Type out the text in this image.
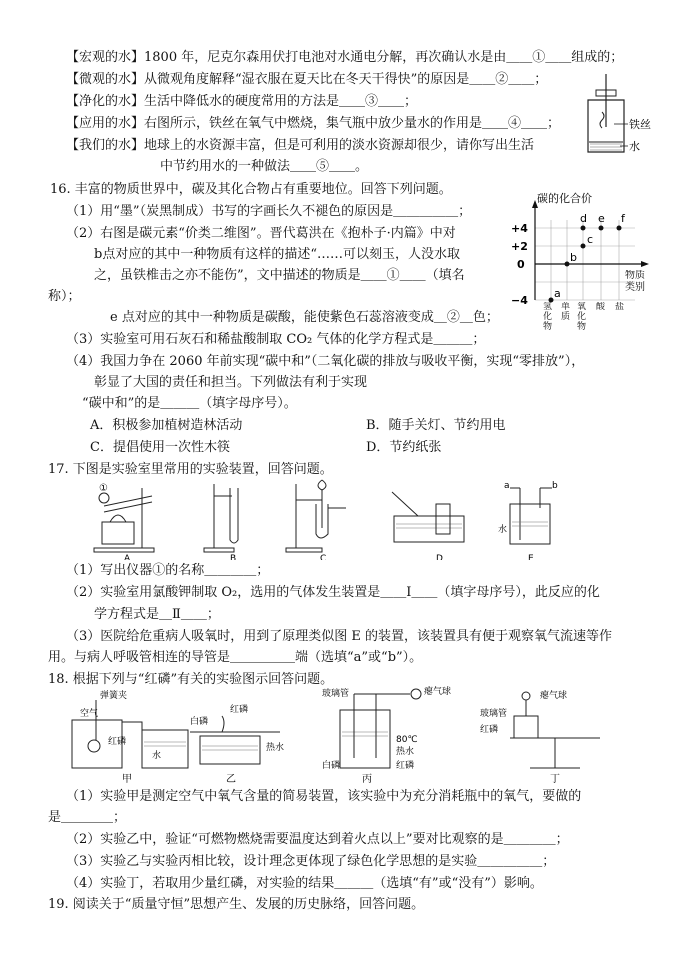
【宏观的水】1800 年，尼克尔森用伏打电池对水通电分解，再次确认水是由＿＿①＿＿组成的；
【微观的水】从微观角度解释“湿衣服在夏天比在冬天干得快”的原因是＿＿②＿＿；
【净化的水】生活中降低水的硬度常用的方法是＿＿③＿＿；
【应用的水】右图所示，铁丝在氧气中燃烧，集气瓶中放少量水的作用是＿＿④＿＿；
【我们的水】地球上的水资源丰富，但是可利用的淡水资源却很少，请你写出生活
中节约用水的一种做法＿＿⑤＿＿。
铁丝
水
16. 丰富的物质世界中，碳及其化合物占有重要地位。回答下列问题。
（1）用“墨”（炭黑制成）书写的字画长久不褪色的原因是＿＿＿＿＿；
（2）右图是碳元素“价类二维图”。晋代葛洪在《抱朴子·内篇》中对
b点对应的其中一种物质有这样的描述“……可以刻玉，人没水取
之，虽铁椎击之亦不能伤”，文中描述的物质是＿＿①＿＿（填名
称）；
e 点对应的其中一种物质是碳酸，能使紫色石蕊溶液变成＿②＿色；
（3）实验室可用石灰石和稀盐酸制取 CO₂ 气体的化学方程式是＿＿＿；
（4）我国力争在 2060 年前实现“碳中和”（二氧化碳的排放与吸收平衡，实现“零排放”），
彰显了大国的责任和担当。下列做法有利于实现
“碳中和”的是＿＿＿（填字母序号）。
A．积极参加植树造林活动	B．随手关灯、节约用电
C．提倡使用一次性木筷	D．节约纸张
碳的化合价
+4
+2
0
−4
物质类别
氢化物
单质
氧化物
酸 盐
a
b
c
d e f
17. 下图是实验室里常用的实验装置，回答问题。
①
A	B	C	D
a	b
水
E
（1）写出仪器①的名称＿＿＿＿；
（2）实验室用氯酸钾制取 O₂，选用的气体发生装置是＿＿Ⅰ＿＿（填字母序号），此反应的化
学方程式是＿Ⅱ＿＿；
（3）医院给危重病人吸氧时，用到了原理类似图 E 的装置，该装置具有便于观察氧气流速等作
用。与病人呼吸管相连的导管是＿＿＿＿＿端（选填“a”或“b”）。
18. 根据下列与“红磷”有关的实验图示回答问题。
弹簧夹
空气
红磷
水
甲
白磷
红磷
热水
乙
玻璃管	瘪气球
80℃
热水
白磷	红磷
丙
玻璃管
瘪气球
红磷
丁
（1）实验甲是测定空气中氧气含量的简易装置，该实验中为充分消耗瓶中的氧气，要做的
是＿＿＿＿；
（2）实验乙中，验证“可燃物燃烧需要温度达到着火点以上”要对比观察的是＿＿＿＿；
（3）实验乙与实验丙相比较，设计理念更体现了绿色化学思想的是实验＿＿＿＿＿；
（4）实验丁，若取用少量红磷，对实验的结果＿＿＿（选填“有”或“没有”）影响。
19. 阅读关于“质量守恒”思想产生、发展的历史脉络，回答问题。
